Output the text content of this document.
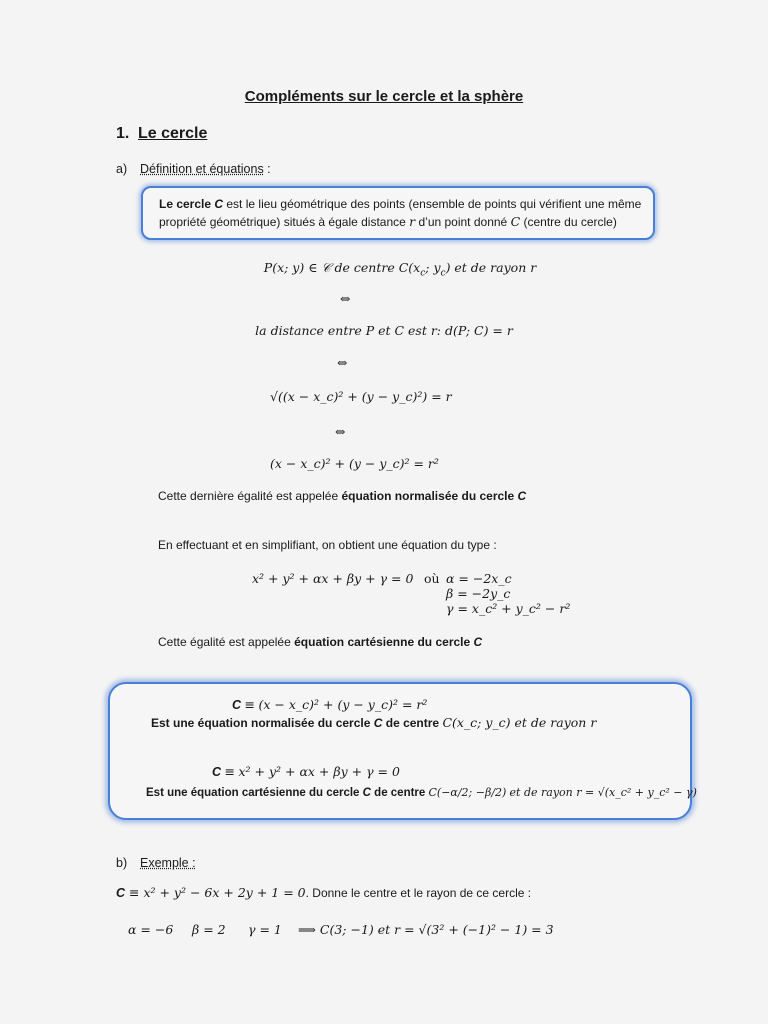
Compléments sur le cercle et la sphère
1. Le cercle
a) Définition et équations :
Le cercle C est le lieu géométrique des points (ensemble de points qui vérifient une même propriété géométrique) situés à égale distance r d’un point donné C (centre du cercle)
P(x; y) ∈ 𝒞 de centre $C(x_c$; $y_c$) et de rayon r
⇔
la distance entre P et C est r: d(P; C) = r
⇔
√((x − x_c)² + (y − y_c)²) = r
⇔
(x − x_c)² + (y − y_c)² = r²
Cette dernière égalité est appelée équation normalisée du cercle C
En effectuant et en simplifiant, on obtient une équation du type :
x² + y² + αx + βy + γ = 0 où α = −2x_c
β = −2y_c
γ = x_c² + y_c² − r²
Cette égalité est appelée équation cartésienne du cercle C
C ≡ (x − x_c)² + (y − y_c)² = r²
Est une équation normalisée du cercle C de centre C(x_c; y_c) et de rayon r
C ≡ x² + y² + αx + βy + γ = 0
Est une équation cartésienne du cercle C de centre C(−α/2; −β/2) et de rayon r = √(x_c² + y_c² − γ)
b) Exemple :
C ≡ x² + y² − 6x + 2y + 1 = 0. Donne le centre et le rayon de ce cercle :
α = −6 β = 2 γ = 1 ⟹ C(3; −1) et r = √(3² + (−1)² − 1) = 3
